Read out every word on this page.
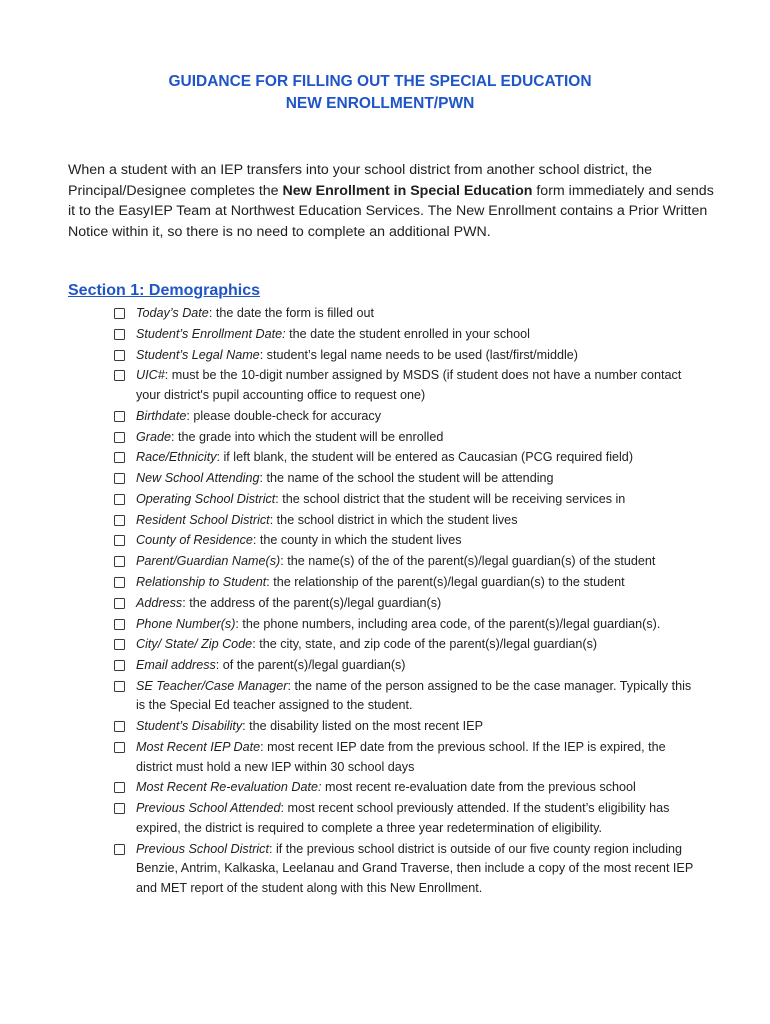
GUIDANCE FOR FILLING OUT THE SPECIAL EDUCATION
NEW ENROLLMENT/PWN

When a student with an IEP transfers into your school district from another school district, the Principal/Designee completes the New Enrollment in Special Education form immediately and sends it to the EasyIEP Team at Northwest Education Services. The New Enrollment contains a Prior Written Notice within it, so there is no need to complete an additional PWN.

Section 1: Demographics
Today’s Date: the date the form is filled out
Student’s Enrollment Date: the date the student enrolled in your school
Student’s Legal Name: student’s legal name needs to be used (last/first/middle)
UIC#: must be the 10-digit number assigned by MSDS (if student does not have a number contact your district's pupil accounting office to request one)
Birthdate: please double-check for accuracy
Grade: the grade into which the student will be enrolled
Race/Ethnicity: if left blank, the student will be entered as Caucasian (PCG required field)
New School Attending: the name of the school the student will be attending
Operating School District: the school district that the student will be receiving services in
Resident School District: the school district in which the student lives
County of Residence: the county in which the student lives
Parent/Guardian Name(s): the name(s) of the of the parent(s)/legal guardian(s) of the student
Relationship to Student: the relationship of the parent(s)/legal guardian(s) to the student
Address: the address of the parent(s)/legal guardian(s)
Phone Number(s): the phone numbers, including area code, of the parent(s)/legal guardian(s).
City/ State/ Zip Code: the city, state, and zip code of the parent(s)/legal guardian(s)
Email address: of the parent(s)/legal guardian(s)
SE Teacher/Case Manager: the name of the person assigned to be the case manager. Typically this is the Special Ed teacher assigned to the student.
Student’s Disability: the disability listed on the most recent IEP
Most Recent IEP Date: most recent IEP date from the previous school. If the IEP is expired, the district must hold a new IEP within 30 school days
Most Recent Re-evaluation Date: most recent re-evaluation date from the previous school
Previous School Attended: most recent school previously attended. If the student’s eligibility has expired, the district is required to complete a three year redetermination of eligibility.
Previous School District: if the previous school district is outside of our five county region including Benzie, Antrim, Kalkaska, Leelanau and Grand Traverse, then include a copy of the most recent IEP and MET report of the student along with this New Enrollment.
